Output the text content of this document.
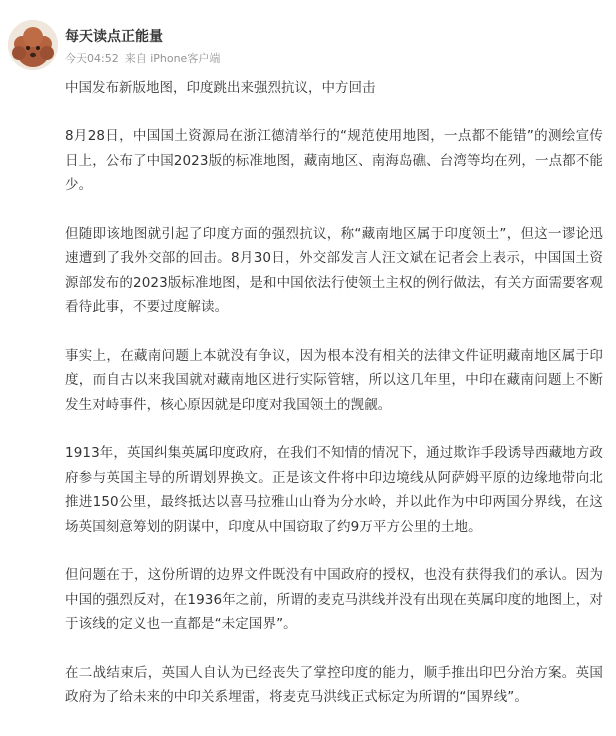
每天读点正能量
今天04:52 来自 iPhone客户端
中国发布新版地图，印度跳出来强烈抗议，中方回击

8月28日，中国国土资源局在浙江德清举行的“规范使用地图，一点都不能错”的测绘宣传日上，公布了中国2023版的标准地图，藏南地区、南海岛礁、台湾等均在列，一点都不能少。

但随即该地图就引起了印度方面的强烈抗议，称“藏南地区属于印度领土”，但这一谬论迅速遭到了我外交部的回击。8月30日，外交部发言人汪文斌在记者会上表示，中国国土资源部发布的2023版标准地图，是和中国依法行使领土主权的例行做法，有关方面需要客观看待此事，不要过度解读。

事实上，在藏南问题上本就没有争议，因为根本没有相关的法律文件证明藏南地区属于印度，而自古以来我国就对藏南地区进行实际管辖，所以这几年里，中印在藏南问题上不断发生对峙事件，核心原因就是印度对我国领土的觊觎。

1913年，英国纠集英属印度政府，在我们不知情的情况下，通过欺诈手段诱导西藏地方政府参与英国主导的所谓划界换文。正是该文件将中印边境线从阿萨姆平原的边缘地带向北推进150公里，最终抵达以喜马拉雅山山脊为分水岭，并以此作为中印两国分界线，在这场英国刻意筹划的阴谋中，印度从中国窃取了约9万平方公里的土地。

但问题在于，这份所谓的边界文件既没有中国政府的授权，也没有获得我们的承认。因为中国的强烈反对，在1936年之前，所谓的麦克马洪线并没有出现在英属印度的地图上，对于该线的定义也一直都是“未定国界”。

在二战结束后，英国人自认为已经丧失了掌控印度的能力，顺手推出印巴分治方案。英国政府为了给未来的中印关系埋雷，将麦克马洪线正式标定为所谓的“国界线”。
